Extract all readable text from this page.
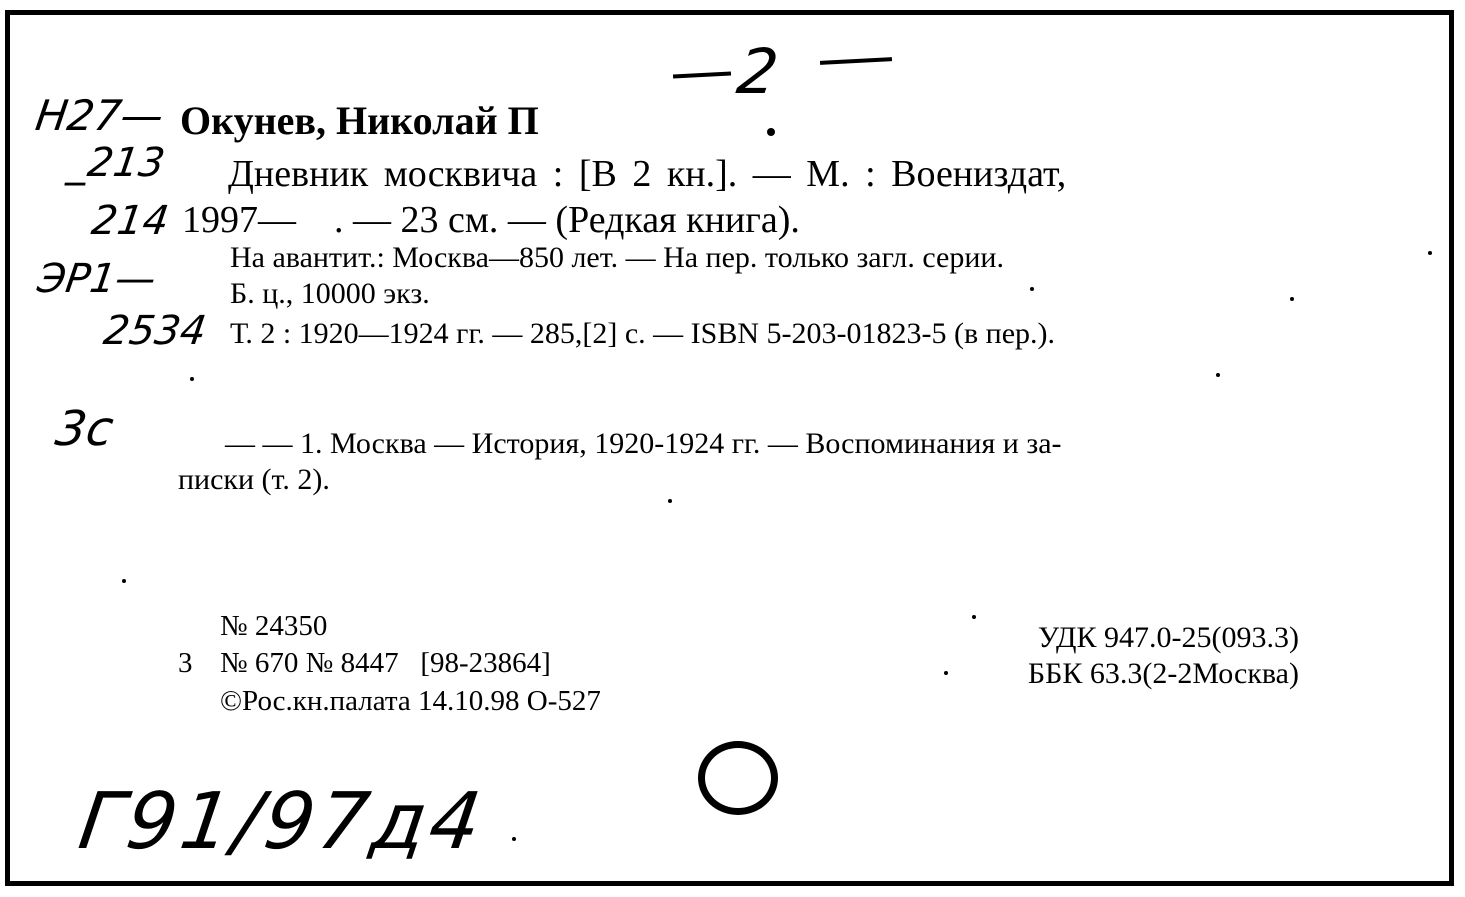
2
Н27—
_213
214
ЭР1—
2534
3с
Окунев, Николай П
Дневник москвича : [В 2 кн.]. — М. : Воениздат,
1997—    . — 23 см. — (Редкая книга).
На авантит.: Москва—850 лет. — На пер. только загл. серии.
Б. ц., 10000 экз.
Т. 2 : 1920—1924 гг. — 285,[2] с. — ISBN 5-203-01823-5 (в пер.).
— — 1. Москва — История, 1920-1924 гг. — Воспоминания и за-
писки (т. 2).
№ 24350
3 № 670 № 8447   [98-23864]
©Рос.кн.палата 14.10.98 О-527
УДК 947.0-25(093.3)
ББК 63.3(2-2Москва)
Г91/97д4
